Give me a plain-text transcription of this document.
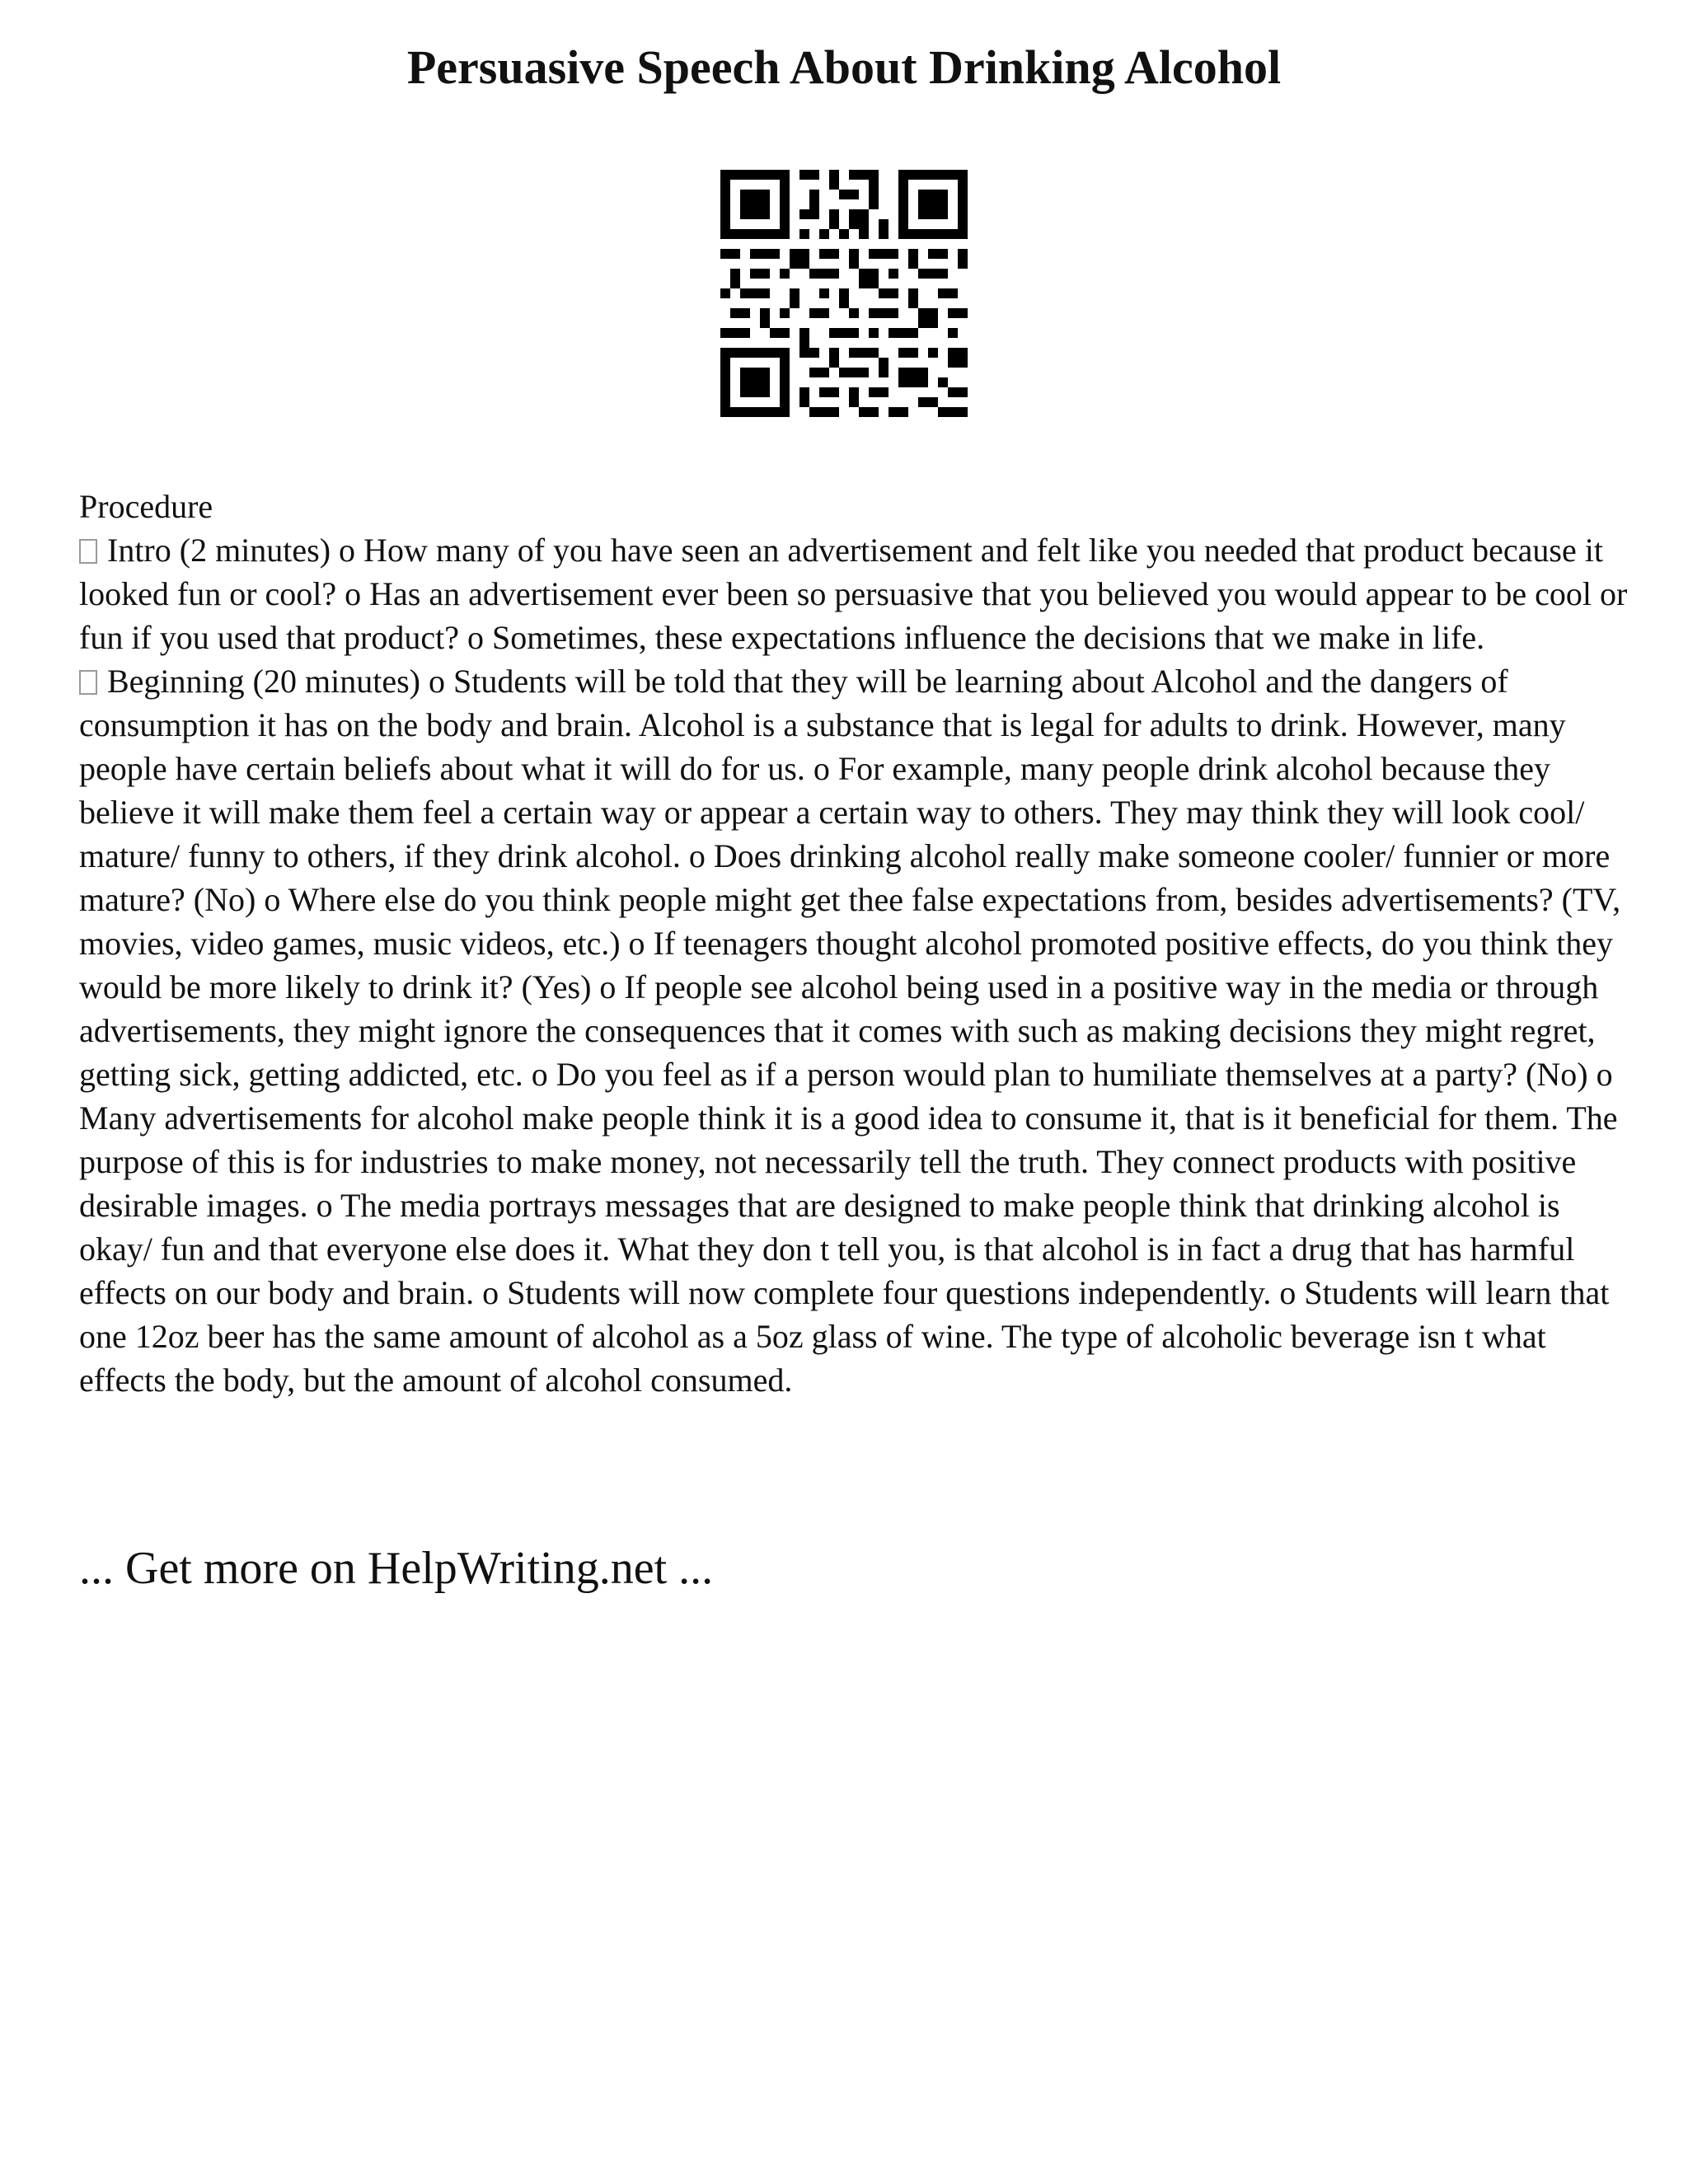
Persuasive Speech About Drinking Alcohol

Procedure

Intro (2 minutes) o How many of you have seen an advertisement and felt like you needed that product because it looked fun or cool? o Has an advertisement ever been so persuasive that you believed you would appear to be cool or fun if you used that product? o Sometimes, these expectations influence the decisions that we make in life.

Beginning (20 minutes) o Students will be told that they will be learning about Alcohol and the dangers of consumption it has on the body and brain. Alcohol is a substance that is legal for adults to drink. However, many people have certain beliefs about what it will do for us. o For example, many people drink alcohol because they believe it will make them feel a certain way or appear a certain way to others. They may think they will look cool/ mature/ funny to others, if they drink alcohol. o Does drinking alcohol really make someone cooler/ funnier or more mature? (No) o Where else do you think people might get thee false expectations from, besides advertisements? (TV, movies, video games, music videos, etc.) o If teenagers thought alcohol promoted positive effects, do you think they would be more likely to drink it? (Yes) o If people see alcohol being used in a positive way in the media or through advertisements, they might ignore the consequences that it comes with such as making decisions they might regret, getting sick, getting addicted, etc. o Do you feel as if a person would plan to humiliate themselves at a party? (No) o Many advertisements for alcohol make people think it is a good idea to consume it, that is it beneficial for them. The purpose of this is for industries to make money, not necessarily tell the truth. They connect products with positive desirable images. o The media portrays messages that are designed to make people think that drinking alcohol is okay/ fun and that everyone else does it. What they don t tell you, is that alcohol is in fact a drug that has harmful effects on our body and brain. o Students will now complete four questions independently. o Students will learn that one 12oz beer has the same amount of alcohol as a 5oz glass of wine. The type of alcoholic beverage isn t what effects the body, but the amount of alcohol consumed.

... Get more on HelpWriting.net ...
